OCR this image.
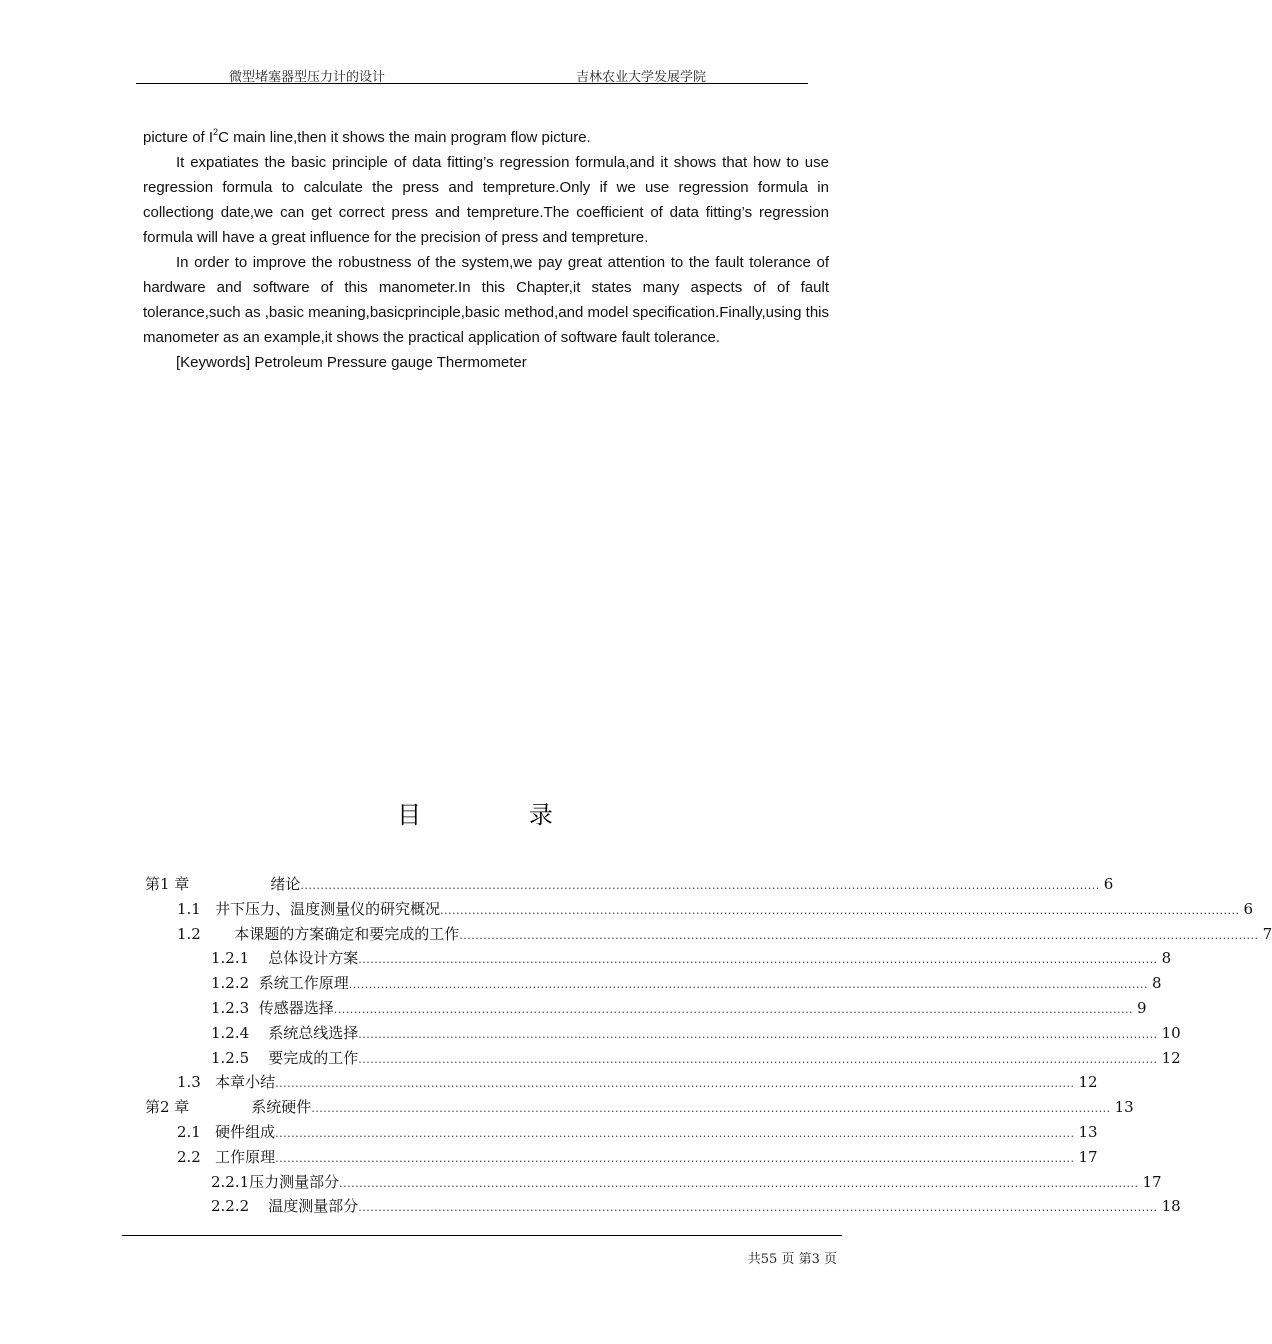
微型堵塞器型压力计的设计	吉林农业大学发展学院

picture of $I^2C$ main line,then it shows the main program flow picture.

It expatiates the basic principle of data fitting’s regression formula,and it shows that how to use regression formula to calculate the press and tempreture.Only if we use regression formula in collectiong date,we can get correct press and tempreture.The coefficient of data fitting’s regression formula will have a great influence for the precision of press and tempreture.

In order to improve the robustness of the system,we pay great attention to the fault tolerance of hardware and software of this manometer.In this Chapter,it states many aspects of of fault tolerance,such as ,basic meaning,basicprinciple,basic method,and model specification.Finally,using this manometer as an example,it shows the practical application of software fault tolerance.

[Keywords] Petroleum Pressure gauge Thermometer

目	录
第1 章                 绪论 ........................................................................................................................................................................................................ 6
1.1   井下压力、温度测量仪的研究概况 ........................................................................................................................................................................................................ 6
1.2       本课题的方案确定和要完成的工作 ........................................................................................................................................................................................................ 7
1.2.1    总体设计方案 ........................................................................................................................................................................................................ 8
1.2.2  系统工作原理 ........................................................................................................................................................................................................ 8
1.2.3  传感器选择 ........................................................................................................................................................................................................ 9
1.2.4    系统总线选择 ........................................................................................................................................................................................................ 10
1.2.5    要完成的工作 ........................................................................................................................................................................................................ 12
1.3   本章小结 ........................................................................................................................................................................................................ 12
第2 章             系统硬件 ........................................................................................................................................................................................................ 13
2.1   硬件组成 ........................................................................................................................................................................................................ 13
2.2   工作原理 ........................................................................................................................................................................................................ 17
2.2.1压力测量部分 ........................................................................................................................................................................................................ 17
2.2.2    温度测量部分 ........................................................................................................................................................................................................ 18
共55 页 第3 页
